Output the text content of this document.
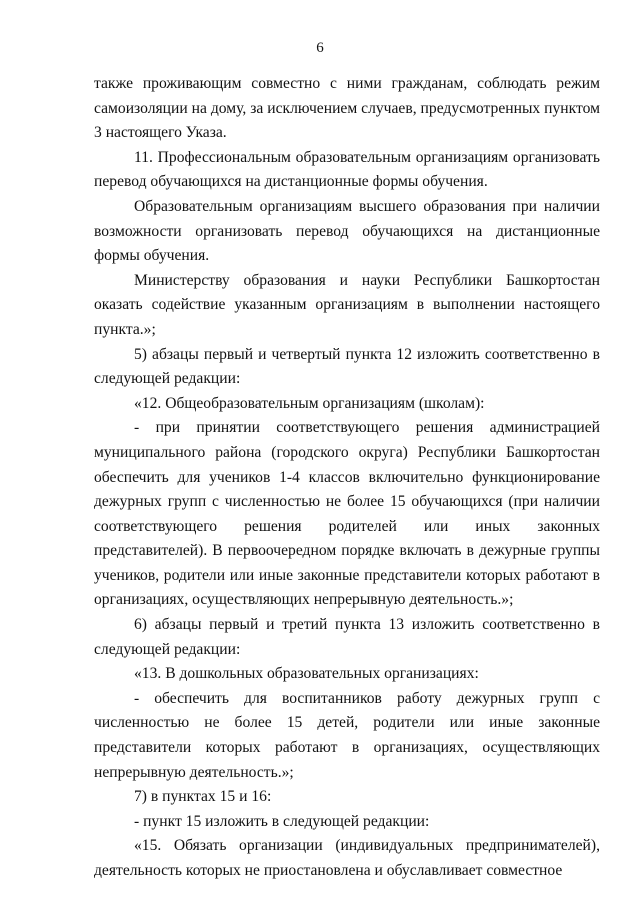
6

также проживающим совместно с ними гражданам, соблюдать режим самоизоляции на дому, за исключением случаев, предусмотренных пунктом 3 настоящего Указа.

11. Профессиональным образовательным организациям организовать перевод обучающихся на дистанционные формы обучения.

Образовательным организациям высшего образования при наличии возможности организовать перевод обучающихся на дистанционные формы обучения.

Министерству образования и науки Республики Башкортостан оказать содействие указанным организациям в выполнении настоящего пункта.»;

5) абзацы первый и четвертый пункта 12 изложить соответственно в следующей редакции:

«12. Общеобразовательным организациям (школам):

- при принятии соответствующего решения администрацией муниципального района (городского округа) Республики Башкортостан обеспечить для учеников 1-4 классов включительно функционирование дежурных групп с численностью не более 15 обучающихся (при наличии соответствующего решения родителей или иных законных представителей). В первоочередном порядке включать в дежурные группы учеников, родители или иные законные представители которых работают в организациях, осуществляющих непрерывную деятельность.»;

6) абзацы первый и третий пункта 13 изложить соответственно в следующей редакции:

«13. В дошкольных образовательных организациях:

- обеспечить для воспитанников работу дежурных групп с численностью не более 15 детей, родители или иные законные представители которых работают в организациях, осуществляющих непрерывную деятельность.»;

7) в пунктах 15 и 16:

- пункт 15 изложить в следующей редакции:

«15. Обязать организации (индивидуальных предпринимателей), деятельность которых не приостановлена и обуславливает совместное
